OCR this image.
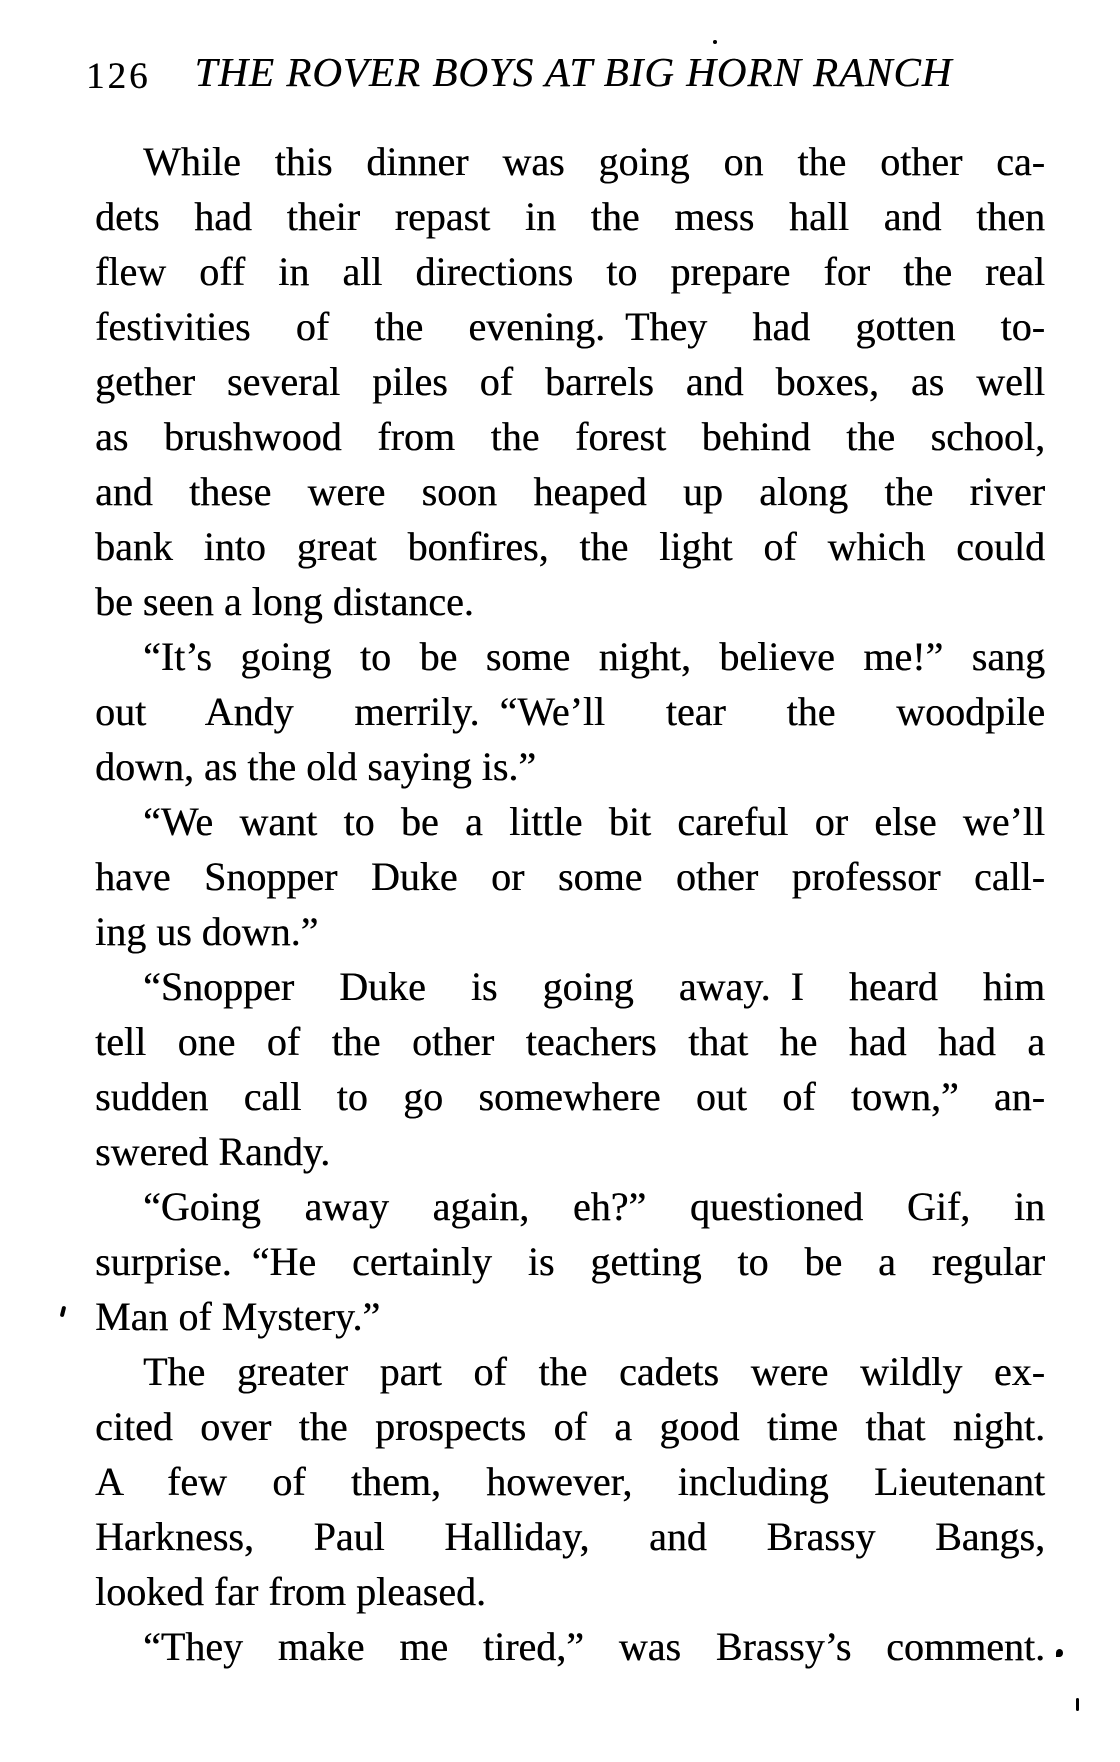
126 THE ROVER BOYS AT BIG HORN RANCH

While this dinner was going on the other ca-
dets had their repast in the mess hall and then
flew off in all directions to prepare for the real
festivities of the evening. They had gotten to-
gether several piles of barrels and boxes, as well
as brushwood from the forest behind the school,
and these were soon heaped up along the river
bank into great bonfires, the light of which could
be seen a long distance.

“It’s going to be some night, believe me!” sang
out Andy merrily. “We’ll tear the woodpile
down, as the old saying is.”

“We want to be a little bit careful or else we’ll
have Snopper Duke or some other professor call-
ing us down.”

“Snopper Duke is going away. I heard him
tell one of the other teachers that he had had a
sudden call to go somewhere out of town,” an-
swered Randy.

“Going away again, eh?” questioned Gif, in
surprise. “He certainly is getting to be a regular
Man of Mystery.”

The greater part of the cadets were wildly ex-
cited over the prospects of a good time that night.
A few of them, however, including Lieutenant
Harkness, Paul Halliday, and Brassy Bangs,
looked far from pleased.

“They make me tired,” was Brassy’s comment.
